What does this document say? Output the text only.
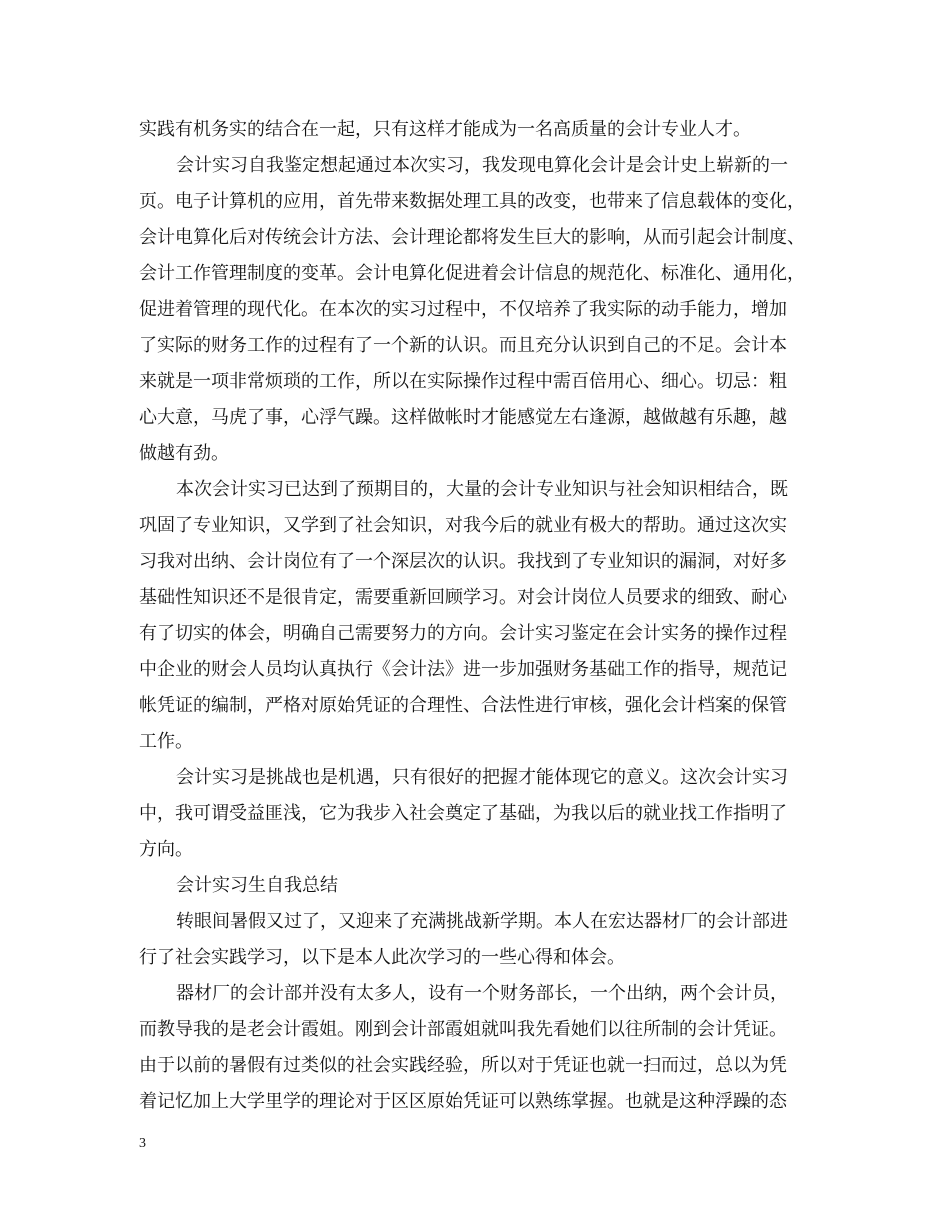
实践有机务实的结合在一起，只有这样才能成为一名高质量的会计专业人才。
会计实习自我鉴定想起通过本次实习，我发现电算化会计是会计史上崭新的一
页。电子计算机的应用，首先带来数据处理工具的改变，也带来了信息载体的变化，
会计电算化后对传统会计方法、会计理论都将发生巨大的影响，从而引起会计制度、
会计工作管理制度的变革。会计电算化促进着会计信息的规范化、标准化、通用化，
促进着管理的现代化。在本次的实习过程中，不仅培养了我实际的动手能力，增加
了实际的财务工作的过程有了一个新的认识。而且充分认识到自己的不足。会计本
来就是一项非常烦琐的工作，所以在实际操作过程中需百倍用心、细心。切忌：粗
心大意，马虎了事，心浮气躁。这样做帐时才能感觉左右逢源，越做越有乐趣，越
做越有劲。
本次会计实习已达到了预期目的，大量的会计专业知识与社会知识相结合，既
巩固了专业知识，又学到了社会知识，对我今后的就业有极大的帮助。通过这次实
习我对出纳、会计岗位有了一个深层次的认识。我找到了专业知识的漏洞，对好多
基础性知识还不是很肯定，需要重新回顾学习。对会计岗位人员要求的细致、耐心
有了切实的体会，明确自己需要努力的方向。会计实习鉴定在会计实务的操作过程
中企业的财会人员均认真执行《会计法》进一步加强财务基础工作的指导，规范记
帐凭证的编制，严格对原始凭证的合理性、合法性进行审核，强化会计档案的保管
工作。
会计实习是挑战也是机遇，只有很好的把握才能体现它的意义。这次会计实习
中，我可谓受益匪浅，它为我步入社会奠定了基础，为我以后的就业找工作指明了
方向。
会计实习生自我总结
转眼间暑假又过了，又迎来了充满挑战新学期。本人在宏达器材厂的会计部进
行了社会实践学习，以下是本人此次学习的一些心得和体会。
器材厂的会计部并没有太多人，设有一个财务部长，一个出纳，两个会计员，
而教导我的是老会计霞姐。刚到会计部霞姐就叫我先看她们以往所制的会计凭证。
由于以前的暑假有过类似的社会实践经验，所以对于凭证也就一扫而过，总以为凭
着记忆加上大学里学的理论对于区区原始凭证可以熟练掌握。也就是这种浮躁的态
3
